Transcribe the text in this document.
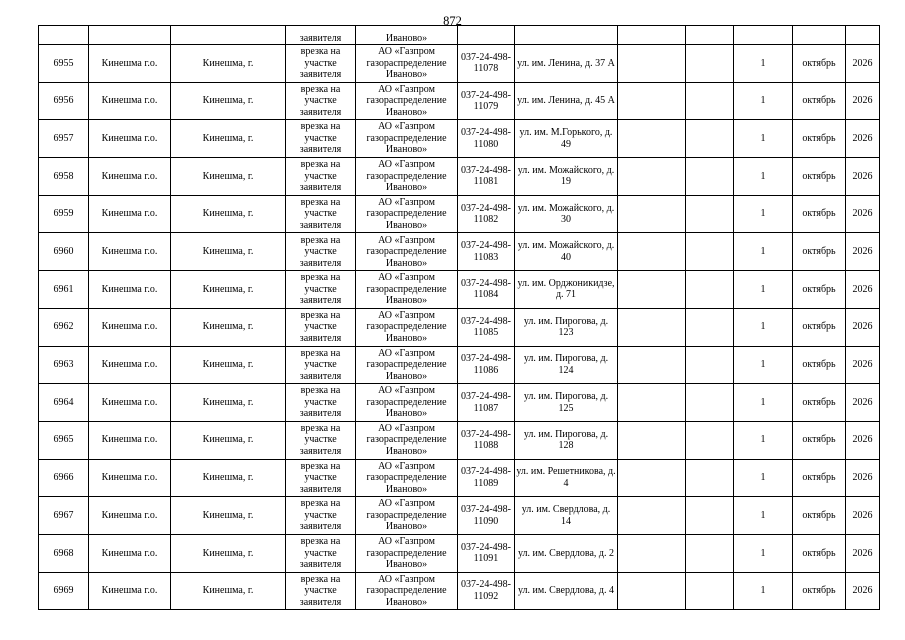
872
			заявителя	Иваново»							
6955	Кинешма г.о.	Кинешма, г.	врезка на участке заявителя	АО «Газпром газораспределение Иваново»	037-24-498-11078	ул. им. Ленина, д. 37 А			1	октябрь	2026
6956	Кинешма г.о.	Кинешма, г.	врезка на участке заявителя	АО «Газпром газораспределение Иваново»	037-24-498-11079	ул. им. Ленина, д. 45 А			1	октябрь	2026
6957	Кинешма г.о.	Кинешма, г.	врезка на участке заявителя	АО «Газпром газораспределение Иваново»	037-24-498-11080	ул. им. М.Горького, д. 49			1	октябрь	2026
6958	Кинешма г.о.	Кинешма, г.	врезка на участке заявителя	АО «Газпром газораспределение Иваново»	037-24-498-11081	ул. им. Можайского, д. 19			1	октябрь	2026
6959	Кинешма г.о.	Кинешма, г.	врезка на участке заявителя	АО «Газпром газораспределение Иваново»	037-24-498-11082	ул. им. Можайского, д. 30			1	октябрь	2026
6960	Кинешма г.о.	Кинешма, г.	врезка на участке заявителя	АО «Газпром газораспределение Иваново»	037-24-498-11083	ул. им. Можайского, д. 40			1	октябрь	2026
6961	Кинешма г.о.	Кинешма, г.	врезка на участке заявителя	АО «Газпром газораспределение Иваново»	037-24-498-11084	ул. им. Орджоникидзе, д. 71			1	октябрь	2026
6962	Кинешма г.о.	Кинешма, г.	врезка на участке заявителя	АО «Газпром газораспределение Иваново»	037-24-498-11085	ул. им. Пирогова, д. 123			1	октябрь	2026
6963	Кинешма г.о.	Кинешма, г.	врезка на участке заявителя	АО «Газпром газораспределение Иваново»	037-24-498-11086	ул. им. Пирогова, д. 124			1	октябрь	2026
6964	Кинешма г.о.	Кинешма, г.	врезка на участке заявителя	АО «Газпром газораспределение Иваново»	037-24-498-11087	ул. им. Пирогова, д. 125			1	октябрь	2026
6965	Кинешма г.о.	Кинешма, г.	врезка на участке заявителя	АО «Газпром газораспределение Иваново»	037-24-498-11088	ул. им. Пирогова, д. 128			1	октябрь	2026
6966	Кинешма г.о.	Кинешма, г.	врезка на участке заявителя	АО «Газпром газораспределение Иваново»	037-24-498-11089	ул. им. Решетникова, д. 4			1	октябрь	2026
6967	Кинешма г.о.	Кинешма, г.	врезка на участке заявителя	АО «Газпром газораспределение Иваново»	037-24-498-11090	ул. им. Свердлова, д. 14			1	октябрь	2026
6968	Кинешма г.о.	Кинешма, г.	врезка на участке заявителя	АО «Газпром газораспределение Иваново»	037-24-498-11091	ул. им. Свердлова, д. 2			1	октябрь	2026
6969	Кинешма г.о.	Кинешма, г.	врезка на участке заявителя	АО «Газпром газораспределение Иваново»	037-24-498-11092	ул. им. Свердлова, д. 4			1	октябрь	2026
